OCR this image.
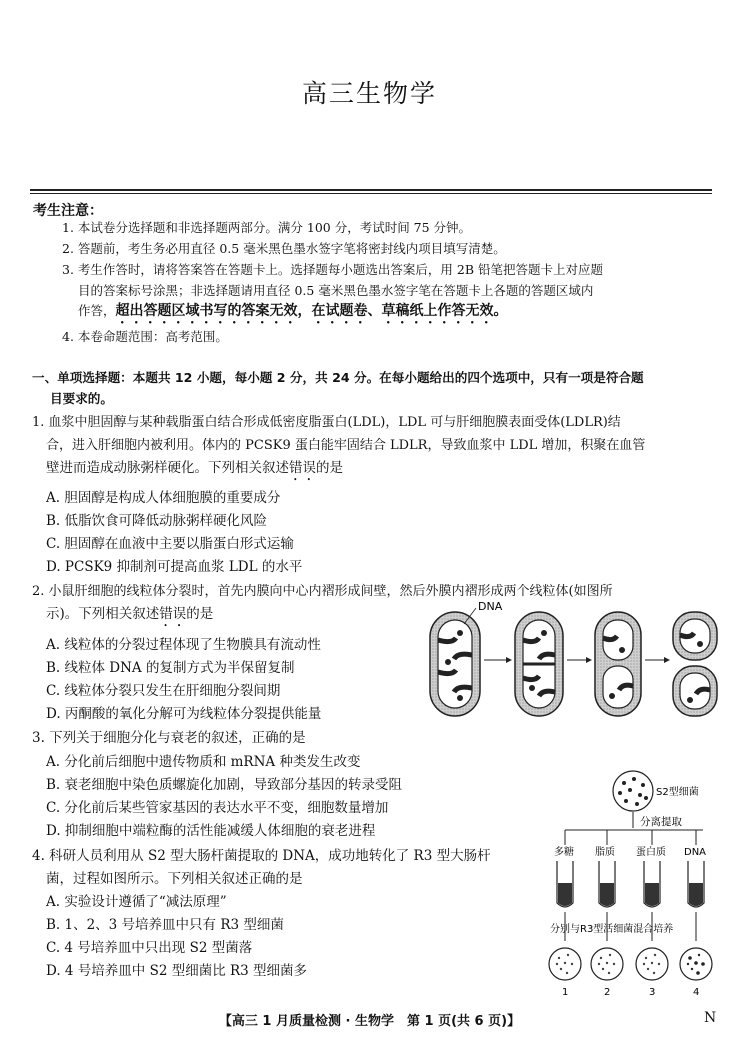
高三生物学
考生注意：
1. 本试卷分选择题和非选择题两部分。满分 100 分，考试时间 75 分钟。
2. 答题前，考生务必用直径 0.5 毫米黑色墨水签字笔将密封线内项目填写清楚。
3. 考生作答时，请将答案答在答题卡上。选择题每小题选出答案后，用 2B 铅笔把答题卡上对应题
目的答案标号涂黑；非选择题请用直径 0.5 毫米黑色墨水签字笔在答题卡上各题的答题区域内
作答，超出答题区域书写的答案无效，在试题卷、草稿纸上作答无效。
4. 本卷命题范围：高考范围。
一、单项选择题：本题共 12 小题，每小题 2 分，共 24 分。在每小题给出的四个选项中，只有一项是符合题
目要求的。
1. 血浆中胆固醇与某种载脂蛋白结合形成低密度脂蛋白(LDL)，LDL 可与肝细胞膜表面受体(LDLR)结
合，进入肝细胞内被利用。体内的 PCSK9 蛋白能牢固结合 LDLR，导致血浆中 LDL 增加，积聚在血管
壁进而造成动脉粥样硬化。下列相关叙述错误的是
A. 胆固醇是构成人体细胞膜的重要成分
B. 低脂饮食可降低动脉粥样硬化风险
C. 胆固醇在血液中主要以脂蛋白形式运输
D. PCSK9 抑制剂可提高血浆 LDL 的水平
2. 小鼠肝细胞的线粒体分裂时，首先内膜向中心内褶形成间壁，然后外膜内褶形成两个线粒体(如图所
示)。下列相关叙述错误的是
A. 线粒体的分裂过程体现了生物膜具有流动性
B. 线粒体 DNA 的复制方式为半保留复制
C. 线粒体分裂只发生在肝细胞分裂间期
D. 丙酮酸的氧化分解可为线粒体分裂提供能量
DNA
3. 下列关于细胞分化与衰老的叙述，正确的是
A. 分化前后细胞中遗传物质和 mRNA 种类发生改变
B. 衰老细胞中染色质螺旋化加剧，导致部分基因的转录受阻
C. 分化前后某些管家基因的表达水平不变，细胞数量增加
D. 抑制细胞中端粒酶的活性能减缓人体细胞的衰老进程
4. 科研人员利用从 S2 型大肠杆菌提取的 DNA，成功地转化了 R3 型大肠杆
菌，过程如图所示。下列相关叙述正确的是
A. 实验设计遵循了“减法原理”
B. 1、2、3 号培养皿中只有 R3 型细菌
C. 4 号培养皿中只出现 S2 型菌落
D. 4 号培养皿中 S2 型细菌比 R3 型细菌多
S2型细菌
分离提取
多糖 脂质 蛋白质 DNA
分别与R3型活细菌混合培养
1	2	3	4
【高三 1 月质量检测 · 生物学　第 1 页(共 6 页)】	N
